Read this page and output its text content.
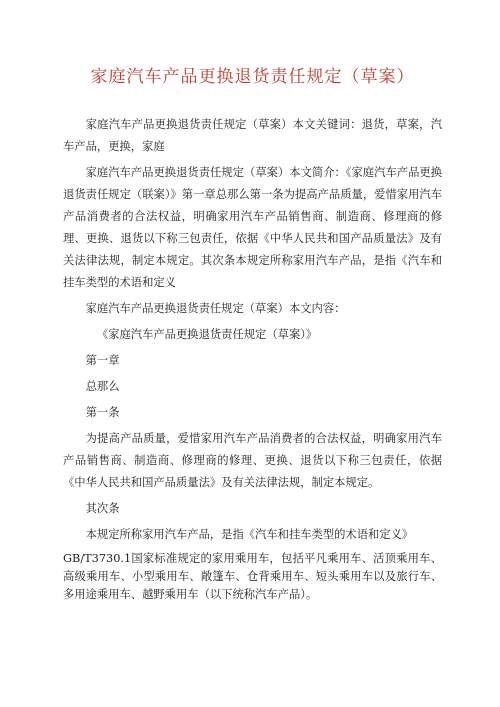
家庭汽车产品更换退货责任规定（草案）

家庭汽车产品更换退货责任规定（草案）本文关键词：退货，草案，汽车产品，更换，家庭

家庭汽车产品更换退货责任规定（草案）本文简介：《家庭汽车产品更换退货责任规定（联案）》第一章总那么第一条为提高产品质量，爱惜家用汽车产品消费者的合法权益，明确家用汽车产品销售商、制造商、修理商的修理、更换、退货以下称三包责任，依据《中华人民共和国产品质量法》及有关法律法规，制定本规定。其次条本规定所称家用汽车产品，是指《汽车和挂车类型的术语和定义

家庭汽车产品更换退货责任规定（草案）本文内容：

《家庭汽车产品更换退货责任规定（草案）》

第一章

总那么

第一条

为提高产品质量，爱惜家用汽车产品消费者的合法权益，明确家用汽车产品销售商、制造商、修理商的修理、更换、退货以下称三包责任，依据《中华人民共和国产品质量法》及有关法律法规，制定本规定。

其次条

本规定所称家用汽车产品，是指《汽车和挂车类型的术语和定义》

GB/T3730.1国家标准规定的家用乘用车，包括平凡乘用车、活顶乘用车、高级乘用车、小型乘用车、敞篷车、仓背乘用车、短头乘用车以及旅行车、多用途乘用车、越野乘用车（以下统称汽车产品）。
